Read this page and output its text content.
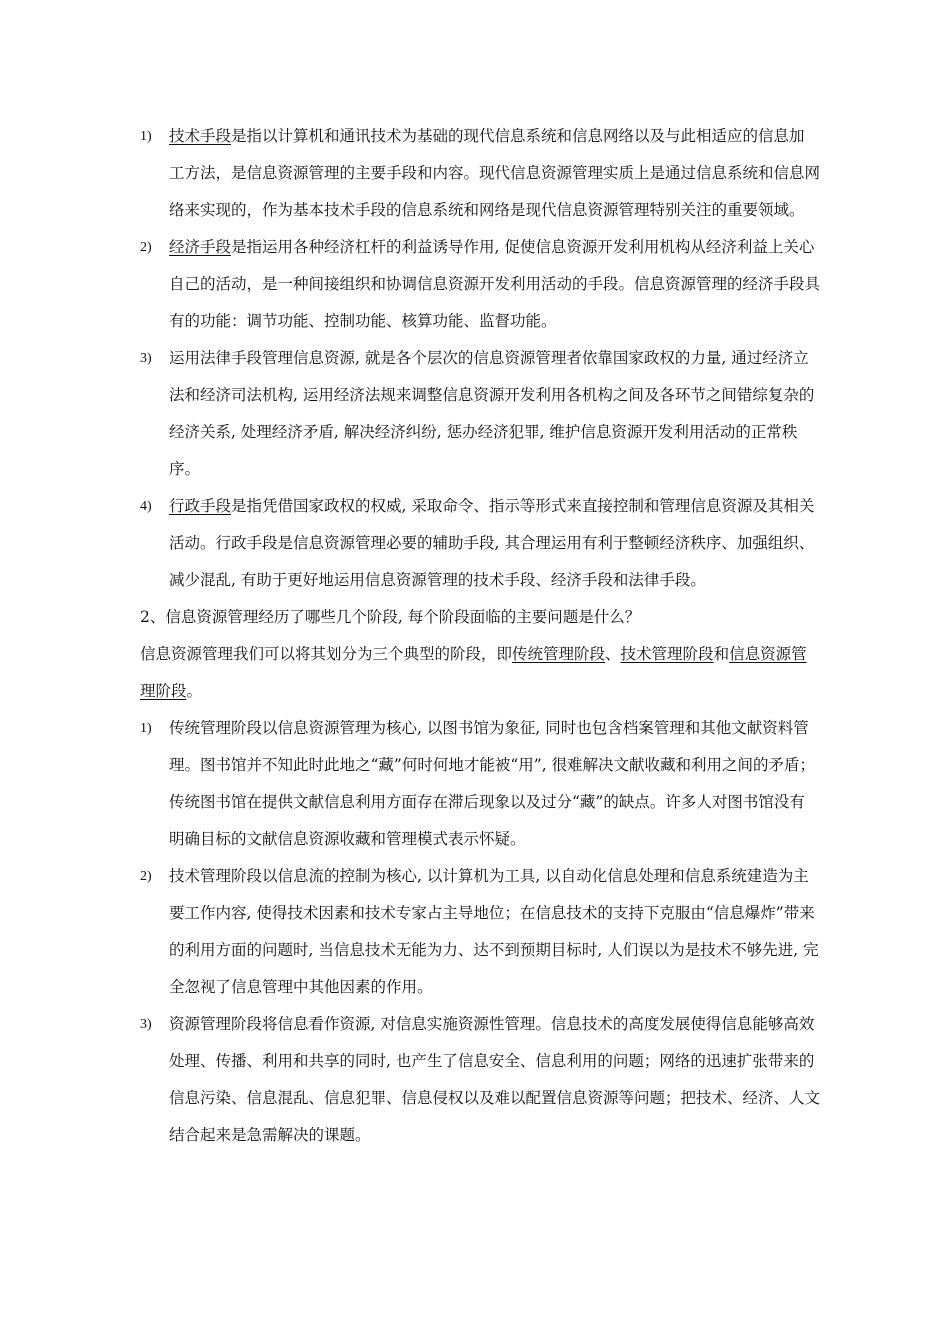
1) 技术手段是指以计算机和通讯技术为基础的现代信息系统和信息网络以及与此相适应的信息加工方法，是信息资源管理的主要手段和内容。现代信息资源管理实质上是通过信息系统和信息网络来实现的，作为基本技术手段的信息系统和网络是现代信息资源管理特别关注的重要领域。
2) 经济手段是指运用各种经济杠杆的利益诱导作用, 促使信息资源开发利用机构从经济利益上关心自己的活动，是一种间接组织和协调信息资源开发利用活动的手段。信息资源管理的经济手段具有的功能：调节功能、控制功能、核算功能、监督功能。
3) 运用法律手段管理信息资源, 就是各个层次的信息资源管理者依靠国家政权的力量, 通过经济立法和经济司法机构, 运用经济法规来调整信息资源开发利用各机构之间及各环节之间错综复杂的经济关系, 处理经济矛盾, 解决经济纠纷, 惩办经济犯罪, 维护信息资源开发利用活动的正常秩序。
4) 行政手段是指凭借国家政权的权威, 采取命令、指示等形式来直接控制和管理信息资源及其相关活动。行政手段是信息资源管理必要的辅助手段, 其合理运用有利于整顿经济秩序、加强组织、减少混乱, 有助于更好地运用信息资源管理的技术手段、经济手段和法律手段。
2、信息资源管理经历了哪些几个阶段, 每个阶段面临的主要问题是什么？
信息资源管理我们可以将其划分为三个典型的阶段，即传统管理阶段、技术管理阶段和信息资源管理阶段。
1) 传统管理阶段以信息资源管理为核心, 以图书馆为象征, 同时也包含档案管理和其他文献资料管理。图书馆并不知此时此地之“藏”何时何地才能被“用”, 很难解决文献收藏和利用之间的矛盾；传统图书馆在提供文献信息利用方面存在滞后现象以及过分“藏”的缺点。许多人对图书馆没有明确目标的文献信息资源收藏和管理模式表示怀疑。
2) 技术管理阶段以信息流的控制为核心, 以计算机为工具, 以自动化信息处理和信息系统建造为主要工作内容, 使得技术因素和技术专家占主导地位；在信息技术的支持下克服由“信息爆炸”带来的利用方面的问题时, 当信息技术无能为力、达不到预期目标时, 人们误以为是技术不够先进, 完全忽视了信息管理中其他因素的作用。
3) 资源管理阶段将信息看作资源, 对信息实施资源性管理。信息技术的高度发展使得信息能够高效处理、传播、利用和共享的同时, 也产生了信息安全、信息利用的问题；网络的迅速扩张带来的信息污染、信息混乱、信息犯罪、信息侵权以及难以配置信息资源等问题；把技术、经济、人文结合起来是急需解决的课题。
